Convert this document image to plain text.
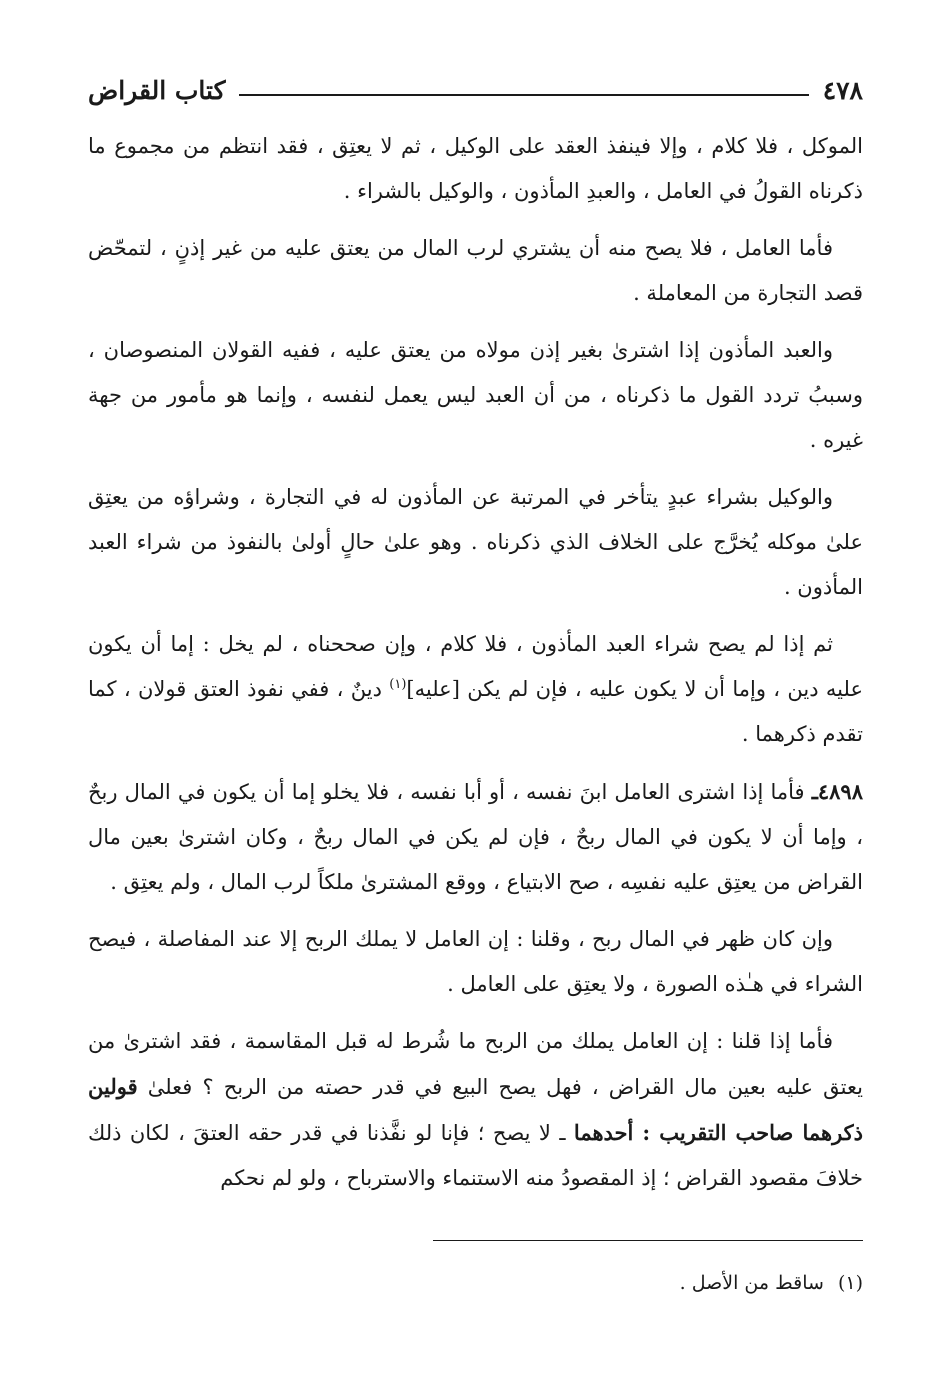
٤٧٨
كتاب القراض

الموكل ، فلا كلام ، وإلا فينفذ العقد على الوكيل ، ثم لا يعتِق ، فقد انتظم من مجموع ما ذكرناه القولُ في العامل ، والعبدِ المأذون ، والوكيل بالشراء .

فأما العامل ، فلا يصح منه أن يشتري لرب المال من يعتق عليه من غير إذنٍ ، لتمحّض قصد التجارة من المعاملة .

والعبد المأذون إذا اشترىٰ بغير إذن مولاه من يعتق عليه ، ففيه القولان المنصوصان ، وسببُ تردد القول ما ذكرناه ، من أن العبد ليس يعمل لنفسه ، وإنما هو مأمور من جهة غيره .

والوكيل بشراء عبدٍ يتأخر في المرتبة عن المأذون له في التجارة ، وشراؤه من يعتِق علىٰ موكله يُخرَّج على الخلاف الذي ذكرناه . وهو علىٰ حالٍ أولىٰ بالنفوذ من شراء العبد المأذون .

ثم إذا لم يصح شراء العبد المأذون ، فلا كلام ، وإن صححناه ، لم يخل : إما أن يكون عليه دين ، وإما أن لا يكون عليه ، فإن لم يكن [عليه]$^{(١)}$ دينٌ ، ففي نفوذ العتق قولان ، كما تقدم ذكرهما .

٤٨٩٨ـ فأما إذا اشترى العامل ابنَ نفسه ، أو أبا نفسه ، فلا يخلو إما أن يكون في المال ربحٌ ، وإما أن لا يكون في المال ربحٌ ، فإن لم يكن في المال ربحٌ ، وكان اشترىٰ بعين مال القراض من يعتِق عليه نفسِه ، صح الابتياع ، ووقع المشترىٰ ملكاً لرب المال ، ولم يعتِق .

وإن كان ظهر في المال ربح ، وقلنا : إن العامل لا يملك الربح إلا عند المفاصلة ، فيصح الشراء في هـٰذه الصورة ، ولا يعتِق على العامل .

فأما إذا قلنا : إن العامل يملك من الربح ما شُرط له قبل المقاسمة ، فقد اشترىٰ من يعتق عليه بعين مال القراض ، فهل يصح البيع في قدر حصته من الربح ؟ فعلىٰ قولين ذكرهما صاحب التقريب : أحدهما ـ لا يصح ؛ فإنا لو نفَّذنا في قدر حقه العتقَ ، لكان ذلك خلافَ مقصود القراض ؛ إذ المقصودُ منه الاستنماء والاسترباح ، ولو لم نحكم

(١)ساقط من الأصل .
